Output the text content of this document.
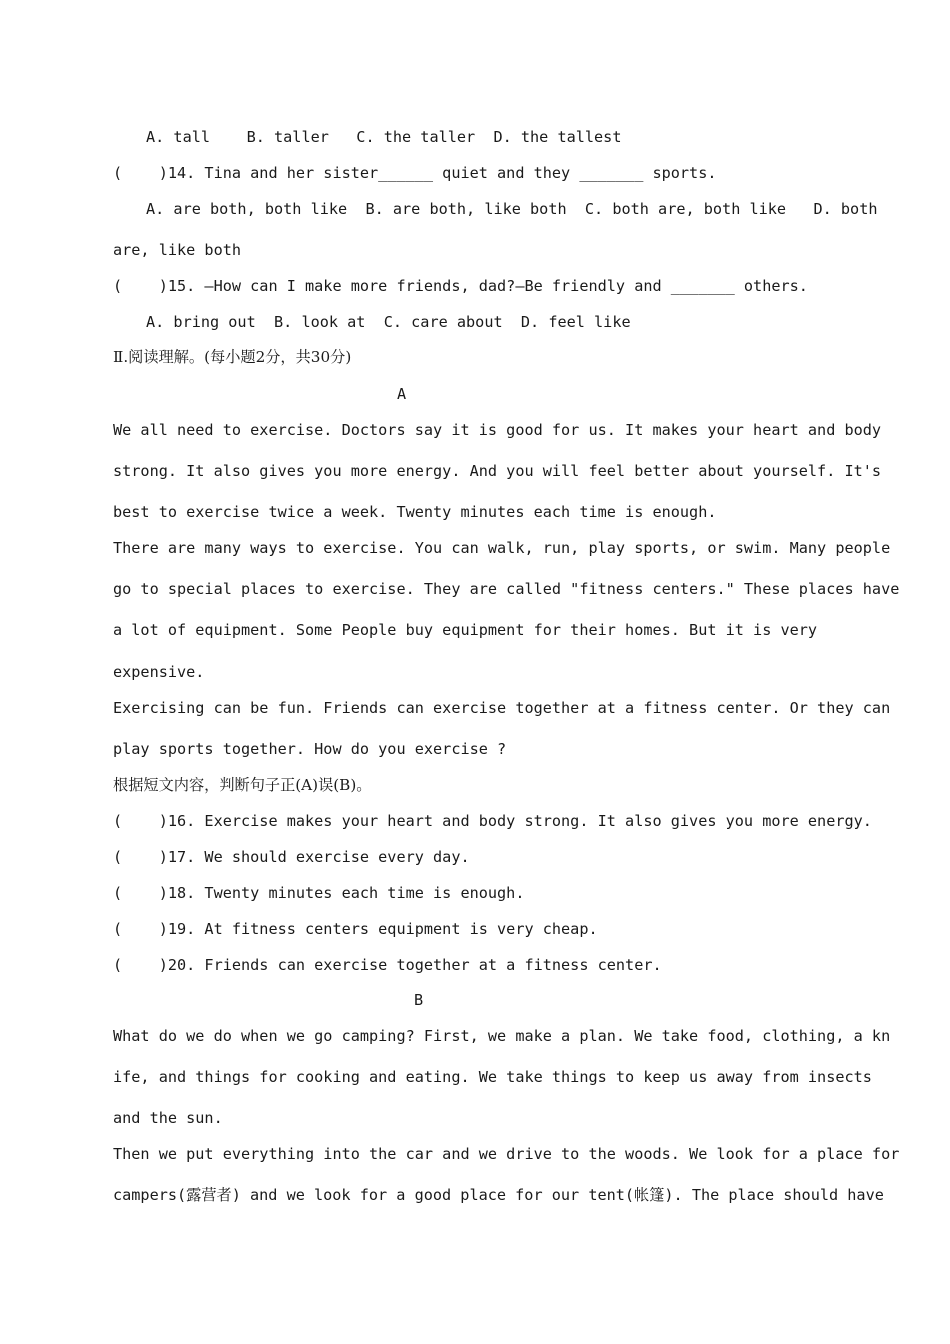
A. tall    B. taller   C. the taller  D. the tallest
(    )14. Tina and her sister______ quiet and they _______ sports.
A. are both, both like  B. are both, like both  C. both are, both like   D. both
are, like both
(    )15. —How can I make more friends, dad?—Be friendly and _______ others.
A. bring out  B. look at  C. care about  D. feel like
Ⅱ.阅读理解。(每小题2分，共30分)
A
We all need to exercise. Doctors say it is good for us. It makes your heart and body
strong. It also gives you more energy. And you will feel better about yourself. It's
best to exercise twice a week. Twenty minutes each time is enough.
There are many ways to exercise. You can walk, run, play sports, or swim. Many people
go to special places to exercise. They are called "fitness centers." These places have
a lot of equipment. Some People buy equipment for their homes. But it is very
expensive.
Exercising can be fun. Friends can exercise together at a fitness center. Or they can
play sports together. How do you exercise ?
根据短文内容，判断句子正(A)误(B)。
(    )16. Exercise makes your heart and body strong. It also gives you more energy.
(    )17. We should exercise every day.
(    )18. Twenty minutes each time is enough.
(    )19. At fitness centers equipment is very cheap.
(    )20. Friends can exercise together at a fitness center.
B
What do we do when we go camping? First, we make a plan. We take food, clothing, a kn
ife, and things for cooking and eating. We take things to keep us away from insects
and the sun.
Then we put everything into the car and we drive to the woods. We look for a place for
campers(露营者) and we look for a good place for our tent(帐篷). The place should have
